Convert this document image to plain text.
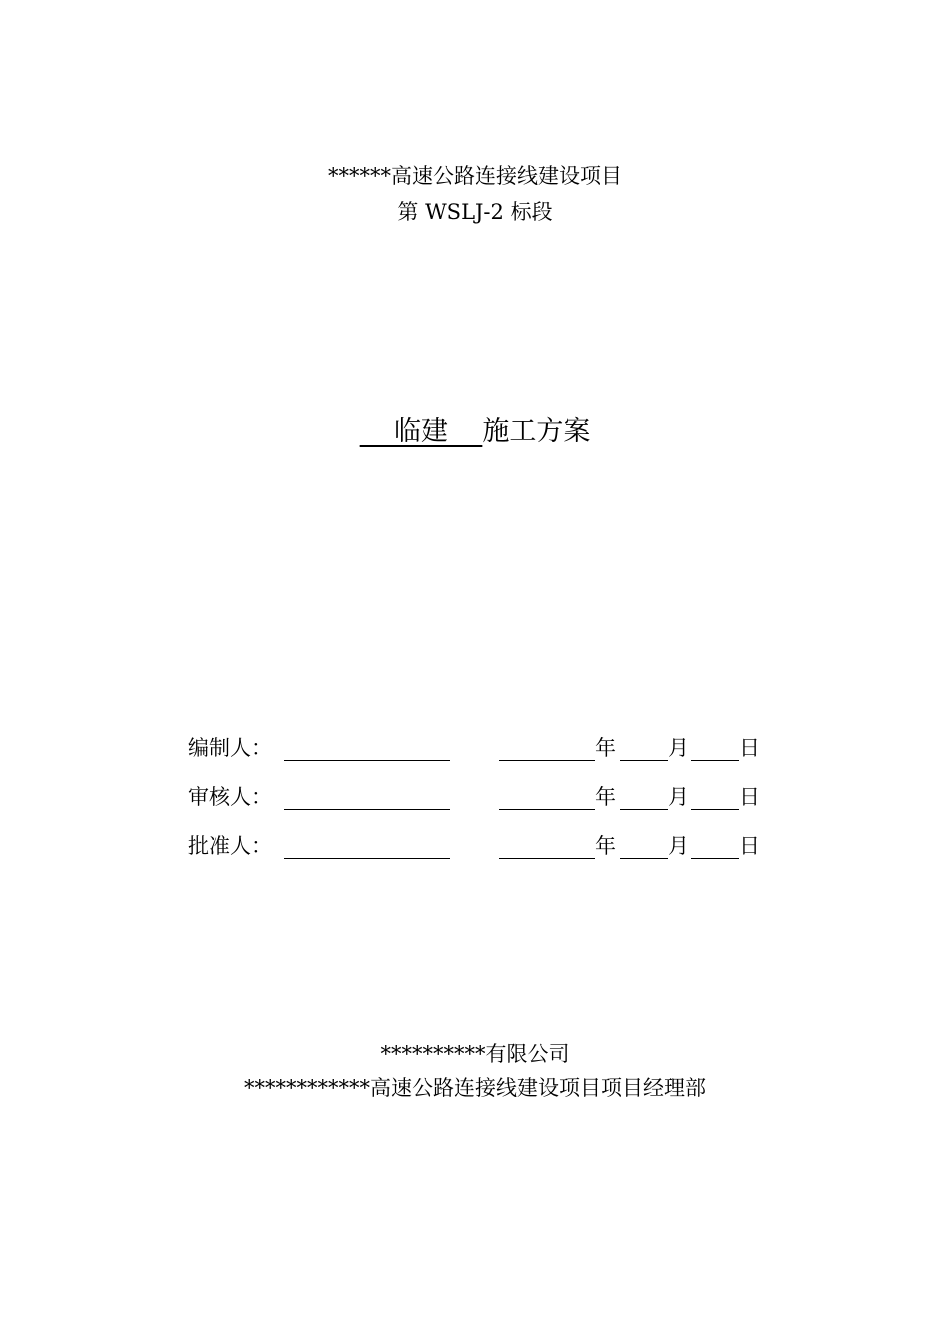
******高速公路连接线建设项目
第 WSLJ-2 标段
临建 施工方案
编制人：	年 月 日
审核人：	年 月 日
批准人：	年 月 日
**********有限公司
************高速公路连接线建设项目项目经理部
